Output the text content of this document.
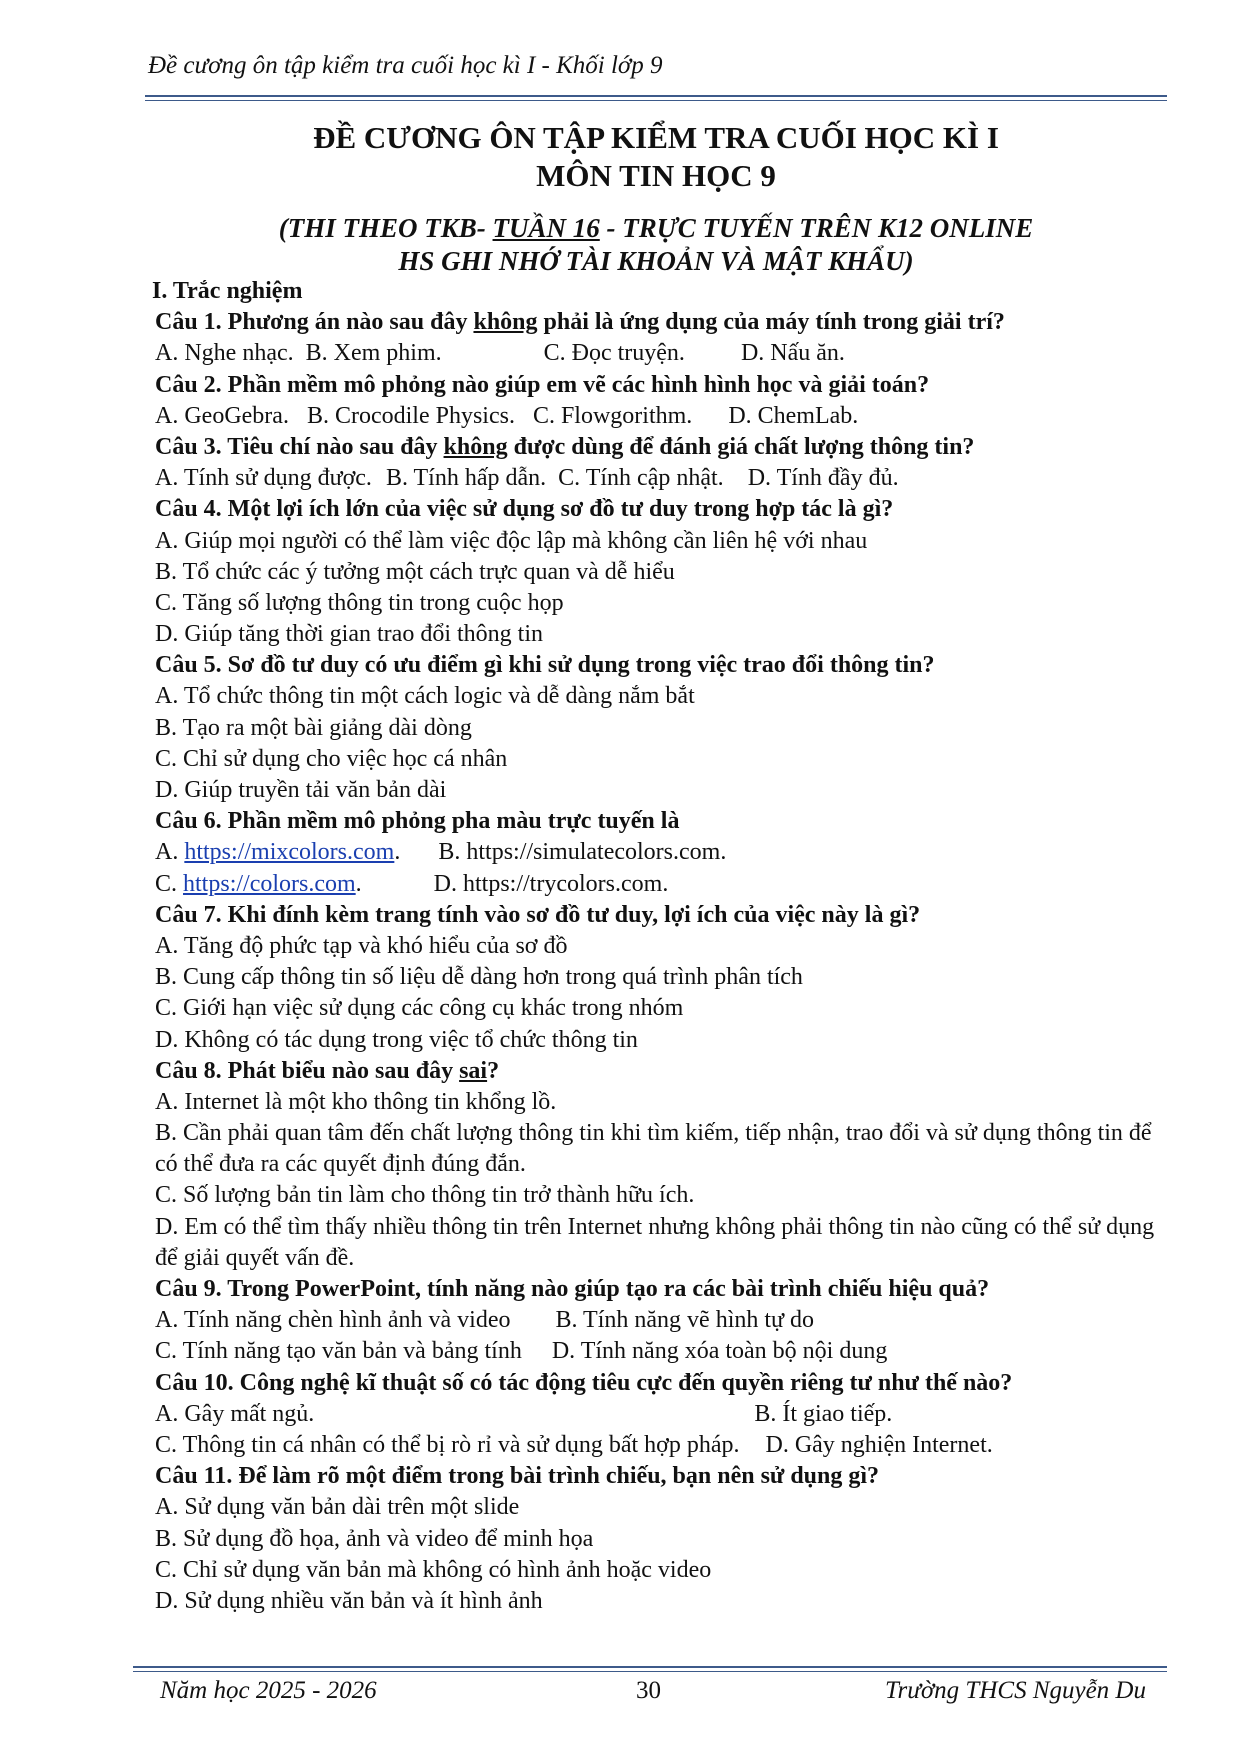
Đề cương ôn tập kiểm tra cuối học kì I - Khối lớp 9
ĐỀ CƯƠNG ÔN TẬP KIỂM TRA CUỐI HỌC KÌ I
MÔN TIN HỌC 9
(THI THEO TKB- TUẦN 16 - TRỰC TUYẾN TRÊN K12 ONLINE
HS GHI NHỚ TÀI KHOẢN VÀ MẬT KHẨU)
I. Trắc nghiệm
Câu 1. Phương án nào sau đây không phải là ứng dụng của máy tính trong giải trí?
A. Nghe nhạc. B. Xem phim.	C. Đọc truyện. D. Nấu ăn.
Câu 2. Phần mềm mô phỏng nào giúp em vẽ các hình hình học và giải toán?
A. GeoGebra. B. Crocodile Physics. C. Flowgorithm. D. ChemLab.
Câu 3. Tiêu chí nào sau đây không được dùng để đánh giá chất lượng thông tin?
A. Tính sử dụng được. B. Tính hấp dẫn. C. Tính cập nhật. D. Tính đầy đủ.
Câu 4. Một lợi ích lớn của việc sử dụng sơ đồ tư duy trong hợp tác là gì?
A. Giúp mọi người có thể làm việc độc lập mà không cần liên hệ với nhau
B. Tổ chức các ý tưởng một cách trực quan và dễ hiểu
C. Tăng số lượng thông tin trong cuộc họp
D. Giúp tăng thời gian trao đổi thông tin
Câu 5. Sơ đồ tư duy có ưu điểm gì khi sử dụng trong việc trao đổi thông tin?
A. Tổ chức thông tin một cách logic và dễ dàng nắm bắt
B. Tạo ra một bài giảng dài dòng
C. Chỉ sử dụng cho việc học cá nhân
D. Giúp truyền tải văn bản dài
Câu 6. Phần mềm mô phỏng pha màu trực tuyến là
A. https://mixcolors.com. B. https://simulatecolors.com.
C. https://colors.com.	D. https://trycolors.com.
Câu 7. Khi đính kèm trang tính vào sơ đồ tư duy, lợi ích của việc này là gì?
A. Tăng độ phức tạp và khó hiểu của sơ đồ
B. Cung cấp thông tin số liệu dễ dàng hơn trong quá trình phân tích
C. Giới hạn việc sử dụng các công cụ khác trong nhóm
D. Không có tác dụng trong việc tổ chức thông tin
Câu 8. Phát biểu nào sau đây sai?
A. Internet là một kho thông tin khổng lồ.
B. Cần phải quan tâm đến chất lượng thông tin khi tìm kiếm, tiếp nhận, trao đổi và sử dụng thông tin để có thể đưa ra các quyết định đúng đắn.
C. Số lượng bản tin làm cho thông tin trở thành hữu ích.
D. Em có thể tìm thấy nhiều thông tin trên Internet nhưng không phải thông tin nào cũng có thể sử dụng để giải quyết vấn đề.
Câu 9. Trong PowerPoint, tính năng nào giúp tạo ra các bài trình chiếu hiệu quả?
A. Tính năng chèn hình ảnh và video B. Tính năng vẽ hình tự do
C. Tính năng tạo văn bản và bảng tính D. Tính năng xóa toàn bộ nội dung
Câu 10. Công nghệ kĩ thuật số có tác động tiêu cực đến quyền riêng tư như thế nào?
A. Gây mất ngủ.	B. Ít giao tiếp.
C. Thông tin cá nhân có thể bị rò rỉ và sử dụng bất hợp pháp. D. Gây nghiện Internet.
Câu 11. Để làm rõ một điểm trong bài trình chiếu, bạn nên sử dụng gì?
A. Sử dụng văn bản dài trên một slide
B. Sử dụng đồ họa, ảnh và video để minh họa
C. Chỉ sử dụng văn bản mà không có hình ảnh hoặc video
D. Sử dụng nhiều văn bản và ít hình ảnh
Năm học 2025 - 2026	30	Trường THCS Nguyễn Du
